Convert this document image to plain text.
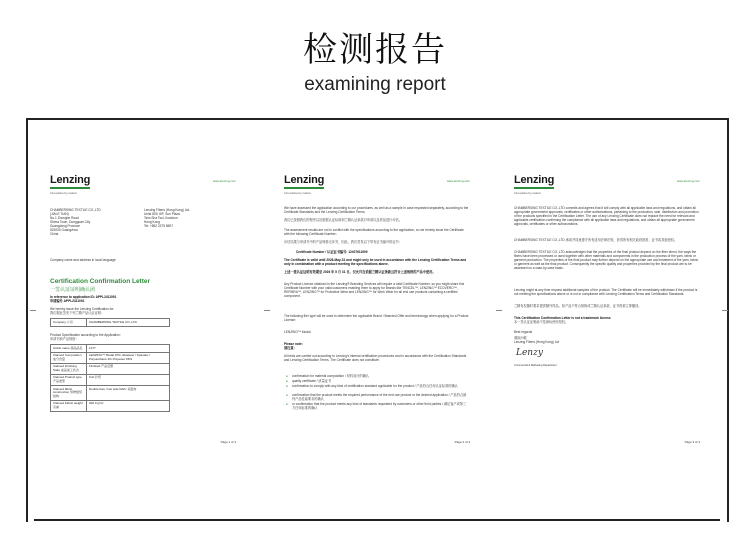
检测报告
examining report
Lenzing
Innovative by nature
www.lenzing.com
CHAMBERSING TEXTILE CO.,LTD
(JIALE TIAN)
No.1 Zhonghe Road
Shima Town, Dongguan City
Guangdong Province
523000 Guangzhou
China
Lenzing Fibers (Hong Kong) Ltd.
Units 809, 8/F, Sun Plaza
Tsim Sha Tsui, Kowloon
Hong Kong
Tel: +852 2375 8697
Company name and address in local language
Certification Confirmation Letter
一签认证证明确认函
In reference to application ID: APPL2411091
申请编号 APPL2411091
We hereby issue the Lenzing Certification for:
我们据此签发下列兰精产品认证证明：
Company 公司	CHAMBERSING TEXTILE CO.,LTD
Product Specification according to the Application:
申请书商产品规格：
Article name 商品品名	1377
Claimed Composition 成分含量	LENZING™ Modal 97%, Elastane / Spandex / Polyurethane 3% Polyester 66%
Claimed Finishing State 成品加工状态	Finished 产品后整
Claimed Product type 产品类型	Knit 针织
Claimed fabric construction 织物组织结构	Double face / two side fabric 双面布
Claimed Fabric weight 克重	200.0 g/m²
Page 1 of 3
Lenzing
Innovative by nature
www.lenzing.com
We have assessed the application according to our procedures, as well as a sample in case requested separately, according to the Certificate Standards and the Lenzing Certification Terms.
我们已按照我们的程序以及根据认证标准和兰精认证条款对申请以及样品进行评估。
The assessment results are not in conflict with the specifications according to the application, so we hereby issue the Certificate with the following Certificate Number:
评估结果与申请书中的产品规格无冲突，因此，我们签发以下带有证书编号的证书：
Certificate Number / 认证证书编号: 12407611909
The Certificate is valid until 2026-May-31 and might only be used in accordance with the Lenzing Certification Terms and only in combination with a product meeting the specifications above.
上述一签认证证明有效期至 2026 年 5 月 31 日。仅允许在依据兰精认证条款且符合上述规格的产品中使用。
Any Product Licence obtained in the Lenzing® Branding Services will require a valid Certificate Number, so you might share this Certificate Number with your valid customers enabling them to apply for Brands like TENCEL™, LENZING™ ECOVERO™, REFIBRA™, LENZING™ for Protective Wear and LENZING™ for Work Wear for all end use products containing a certified component.
The following filer type will be used to determine the applicable Brand / Branded Offer and terminology when applying for a Product License:
LENZING™ Modal
Please note:
请注意：
All tests are carried out according to Lenzing's internal certification procedures and in accordance with the Certification Standards and Lenzing Certification Terms. The Certificate does not constitute:
● confirmation for material composition / 材料成分的确认
● quality certificate / 质量证书
● confirmation to comply with any kind of certification standard applicable for the product / 产品符合任何认证标准的确认
● confirmation that the product meets the required performance of the end use product or the desired application / 产品符合最终产品性能要求的确认
● or confirmation that the product meets any kind of standards requested by customers or other third parties / 满足客户或第三方任何标准的确认
Page 2 of 3
Lenzing
Innovative by nature
www.lenzing.com
CHAMBERSING TEXTILE CO.,LTD commits and agrees that it will comply with all applicable laws and regulations, and obtain all appropriate government approvals, certificates or other authorizations, pertaining to the production, sale, distribution and promotion of the products specified in the Certification Letter. The use of any Lenzing Certificate does not replace the need for relevant and applicable certification confirming the compliance with all applicable laws and regulations, and obtain all appropriate government approvals, certificates or other authorizations.
CHAMBERSING TEXTILE CO.,LTD 承诺并同意遵守所有适用法律法规，获得所有相关政府批准、证书或其他授权。
CHAMBERSING TEXTILE CO.,LTD acknowledges that the properties of the final product depend on the fiber blend, the ways the fibers have been processed or used together with other materials and components in the production process of the yarn, fabric or garment production. The properties of the final product may further depend on the appropriate use and treatment of the yarn, fabric or garment as well as the final product. Consequently the specific quality and properties provided by the final product are to be assessed on a case-by-case basis.
Lenzing might at any time request additional samples of the product. The Certificate will be immediately withdrawn if the product is not meeting the specifications above or is not in compliance with Lenzing Certification Terms and Certification Standards.
兰精有权随时要求提供额外样品。如产品不符合规格或兰精认证条款，证书将被立即撤回。
This Certification Confirmation Letter is not a trademark license.
本一签认证证明函不是商标使用授权。
Best regards
谨致问候
Lenzing Fibers (Hong Kong) Ltd
Lenzy
Commercial & Marketing Department
Page 3 of 3
